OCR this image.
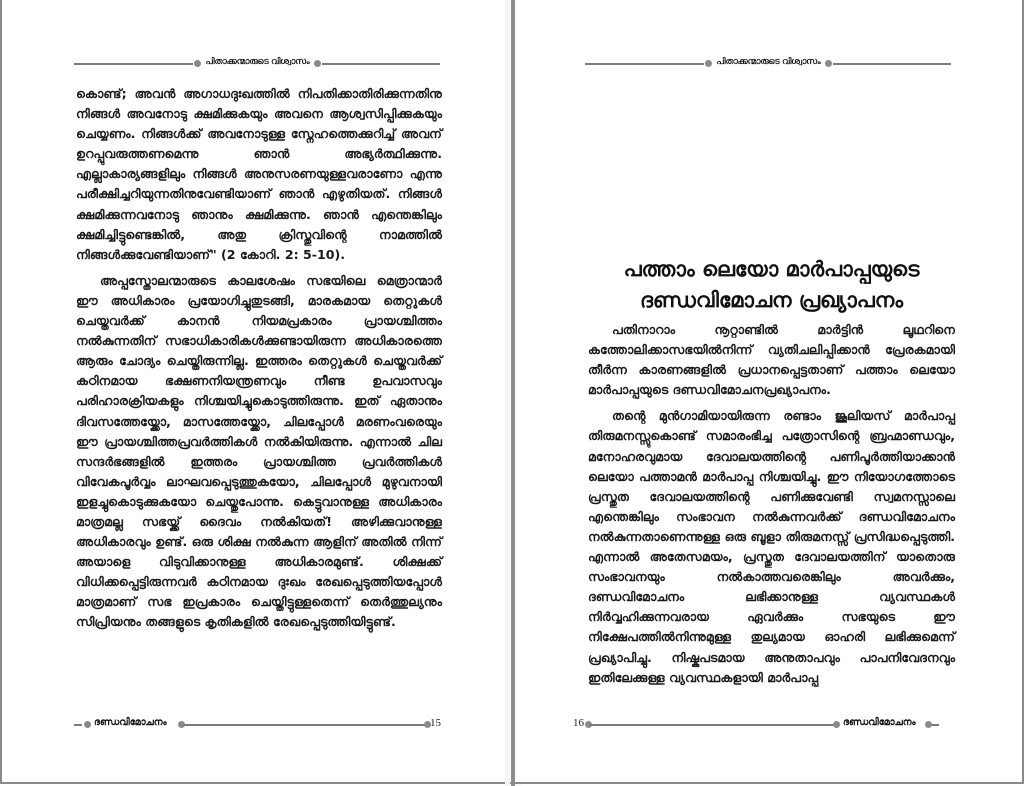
പിതാക്കന്മാരുടെ വിശ്വാസം

കൊണ്ട്; അവൻ അഗാധദുഃഖത്തിൽ നിപതിക്കാതിരിക്കുന്നതിനു നിങ്ങൾ അവനോടു ക്ഷമിക്കുകയും അവനെ ആശ്വസിപ്പിക്കുകയും ചെയ്യണം. നിങ്ങൾക്ക് അവനോടുള്ള സ്നേഹത്തെക്കുറിച്ച് അവന് ഉറപ്പുവരുത്തണമെന്നു ഞാൻ അഭ്യർത്ഥിക്കുന്നു. എല്ലാകാര്യങ്ങളിലും നിങ്ങൾ അനുസരണയുള്ളവരാണോ എന്നു പരീക്ഷിച്ചറിയുന്നതിനുവേണ്ടിയാണ് ഞാൻ എഴുതിയത്. നിങ്ങൾ ക്ഷമിക്കുന്നവനോടു ഞാനും ക്ഷമിക്കുന്നു. ഞാൻ എന്തെങ്കിലും ക്ഷമിച്ചിട്ടുണ്ടെങ്കിൽ, അതു ക്രിസ്തുവിന്റെ നാമത്തിൽ നിങ്ങൾക്കുവേണ്ടിയാണ്" (2 കോറി. 2: 5-10).

അപ്പസ്തോലന്മാരുടെ കാലശേഷം സഭയിലെ മെത്രാന്മാർ ഈ അധികാരം പ്രയോഗിച്ചുതുടങ്ങി, മാരകമായ തെറ്റുകൾ ചെയ്തവർക്ക് കാനൻ നിയമപ്രകാരം പ്രായശ്ചിത്തം നൽകുന്നതിന് സഭാധികാരികൾക്കുണ്ടായിരുന്ന അധികാരത്തെ ആരും ചോദ്യം ചെയ്തിരുന്നില്ല. ഇത്തരം തെറ്റുകൾ ചെയ്തവർക്ക് കഠിനമായ ഭക്ഷണനിയന്ത്രണവും നീണ്ട ഉപവാസവും പരിഹാരക്രിയകളും നിശ്ചയിച്ചുകൊടുത്തിരുന്നു. ഇത് ഏതാനും ദിവസത്തേയ്ക്കോ, മാസത്തേയ്ക്കോ, ചിലപ്പോൾ മരണംവരെയും ഈ പ്രായശ്ചിത്തപ്രവർത്തികൾ നൽകിയിരുന്നു. എന്നാൽ ചില സന്ദർഭങ്ങളിൽ ഇത്തരം പ്രായശ്ചിത്ത പ്രവർത്തികൾ വിവേകപൂർവ്വം ലാഘവപ്പെടുത്തുകയോ, ചിലപ്പോൾ മുഴുവനായി ഇളച്ചുകൊടുക്കുകയോ ചെയ്തുപോന്നു. കെട്ടുവാനുള്ള അധികാരം മാത്രമല്ല സഭയ്ക്ക് ദൈവം നൽകിയത്! അഴിക്കുവാനുള്ള അധികാരവും ഉണ്ട്. ഒരു ശിക്ഷ നൽകുന്ന ആളിന് അതിൽ നിന്ന് അയാളെ വിടുവിക്കാനുള്ള അധികാരമുണ്ട്. ശിക്ഷക്ക് വിധിക്കപ്പെട്ടിരുന്നവർ കഠിനമായ ദുഃഖം രേഖപ്പെടുത്തിയപ്പോൾ മാത്രമാണ് സഭ ഇപ്രകാരം ചെയ്തിട്ടുള്ളതെന്ന് തെർത്തുല്യനും സിപ്രിയനും തങ്ങളുടെ കൃതികളിൽ രേഖപ്പെടുത്തിയിട്ടുണ്ട്.

ദണ്ഡവിമോചനം	15
പിതാക്കന്മാരുടെ വിശ്വാസം
16	ദണ്ഡവിമോചനം
പത്താം ലെയോ മാർപാപ്പയുടെ
ദണ്ഡവിമോചന പ്രഖ്യാപനം

പതിനാറാം നൂറ്റാണ്ടിൽ മാർട്ടിൻ ലൂഥറിനെ കത്തോലിക്കാസഭയിൽനിന്ന് വ്യതിചലിപ്പിക്കാൻ പ്രേരകമായി തീർന്ന കാരണങ്ങളിൽ പ്രധാനപ്പെട്ടതാണ് പത്താം ലെയോ മാർപാപ്പയുടെ ദണ്ഡവിമോചനപ്രഖ്യാപനം.

തന്റെ മുൻഗാമിയായിരുന്ന രണ്ടാം ജൂലിയസ് മാർപാപ്പ തിരുമനസ്സുകൊണ്ട് സമാരംഭിച്ച പത്രോസിന്റെ ബ്രഹ്മാണ്ഡവും, മനോഹരവുമായ ദേവാലയത്തിന്റെ പണിപൂർത്തിയാക്കാൻ ലെയോ പത്താമൻ മാർപാപ്പ നിശ്ചയിച്ചു. ഈ നിയോഗത്തോടെ പ്രസ്തുത ദേവാലയത്തിന്റെ പണിക്കുവേണ്ടി സ്വമനസ്സാലെ എന്തെങ്കിലും സംഭാവന നൽകുന്നവർക്ക് ദണ്ഡവിമോചനം നൽകുന്നതാണെന്നുള്ള ഒരു ബൂളാ തിരുമനസ്സ് പ്രസിദ്ധപ്പെടുത്തി. എന്നാൽ അതേസമയം, പ്രസ്തുത ദേവാലയത്തിന് യാതൊരു സംഭാവനയും നൽകാത്തവരെങ്കിലും അവർക്കും, ദണ്ഡവിമോചനം ലഭിക്കാനുള്ള വ്യവസ്ഥകൾ നിർവ്വഹിക്കുന്നവരായ ഏവർക്കും സഭയുടെ ഈ നിക്ഷേപത്തിൽനിന്നുമുള്ള തുല്യമായ ഓഹരി ലഭിക്കുമെന്ന് പ്രഖ്യാപിച്ചു. നിഷ്കപടമായ അനുതാപവും പാപനിവേദനവും ഇതിലേക്കുള്ള വ്യവസ്ഥകളായി മാർപാപ്പ
